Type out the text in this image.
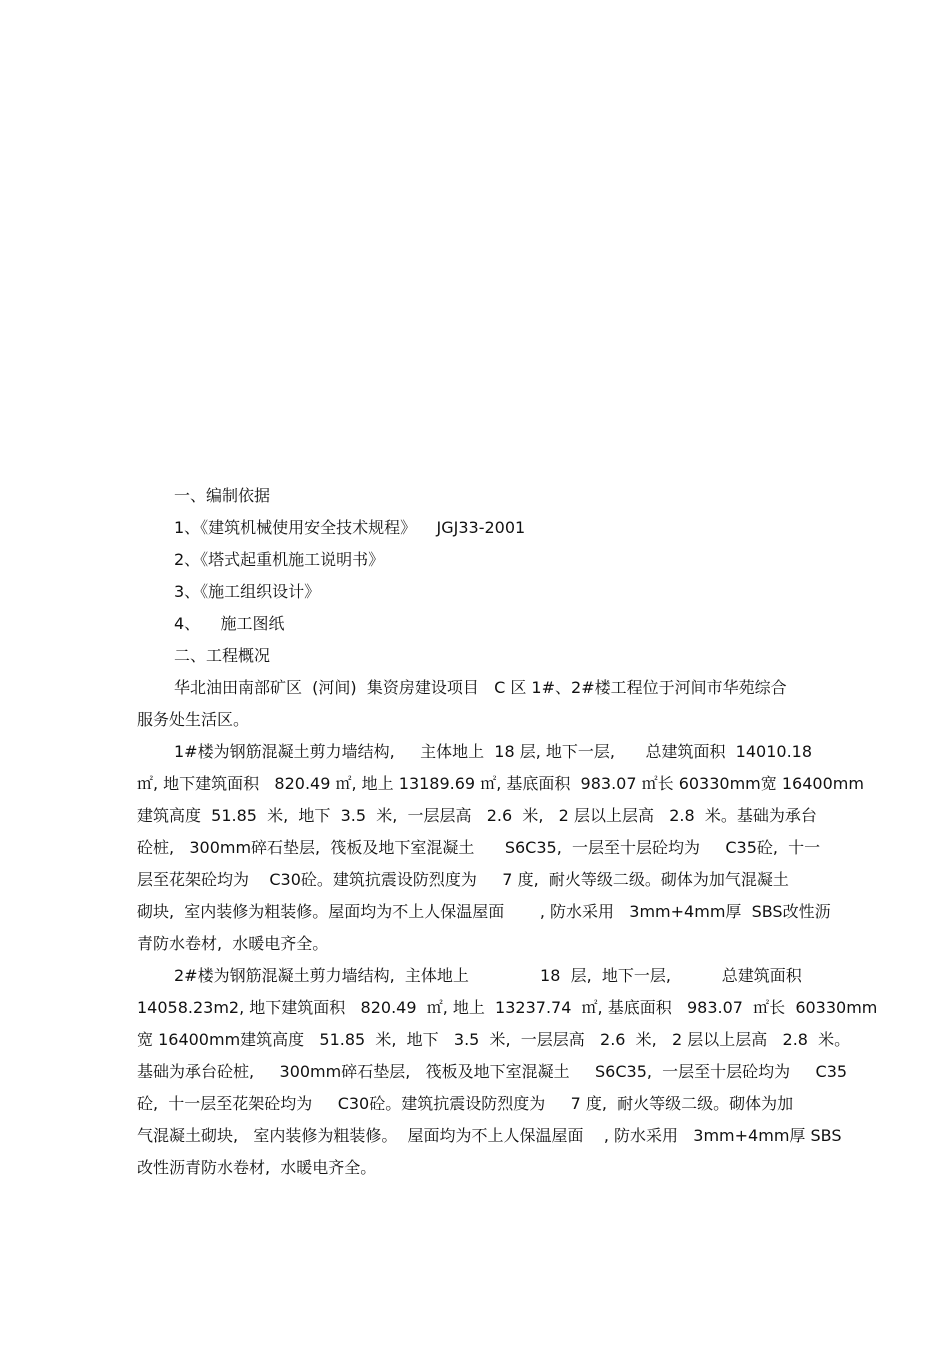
一、编制依据
1、《建筑机械使用安全技术规程》    JGJ33-2001
2、《塔式起重机施工说明书》
3、《施工组织设计》
4、    施工图纸
二、工程概况
华北油田南部矿区  (河间)  集资房建设项目   C 区 1#、2#楼工程位于河间市华苑综合
服务处生活区。
1#楼为钢筋混凝土剪力墙结构,     主体地上  18 层, 地下一层,      总建筑面积  14010.18
㎡, 地下建筑面积   820.49 ㎡, 地上 13189.69 ㎡, 基底面积  983.07 ㎡长 60330mm宽 16400mm
建筑高度  51.85  米,  地下  3.5  米,  一层层高   2.6  米,   2 层以上层高   2.8  米。基础为承台
砼桩,   300mm碎石垫层,  筏板及地下室混凝土      S6C35,  一层至十层砼均为     C35砼,  十一
层至花架砼均为    C30砼。建筑抗震设防烈度为     7 度,  耐火等级二级。砌体为加气混凝土
砌块,  室内装修为粗装修。屋面均为不上人保温屋面       , 防水采用   3mm+4mm厚  SBS改性沥
青防水卷材,  水暖电齐全。
2#楼为钢筋混凝土剪力墙结构,  主体地上              18  层,  地下一层,          总建筑面积
14058.23m2, 地下建筑面积   820.49  ㎡, 地上  13237.74  ㎡, 基底面积   983.07  ㎡长  60330mm
宽 16400mm建筑高度   51.85  米,  地下   3.5  米,  一层层高   2.6  米,   2 层以上层高   2.8  米。
基础为承台砼桩,     300mm碎石垫层,   筏板及地下室混凝土     S6C35,  一层至十层砼均为     C35
砼,  十一层至花架砼均为     C30砼。建筑抗震设防烈度为     7 度,  耐火等级二级。砌体为加
气混凝土砌块,   室内装修为粗装修。  屋面均为不上人保温屋面    , 防水采用   3mm+4mm厚 SBS
改性沥青防水卷材,  水暖电齐全。
